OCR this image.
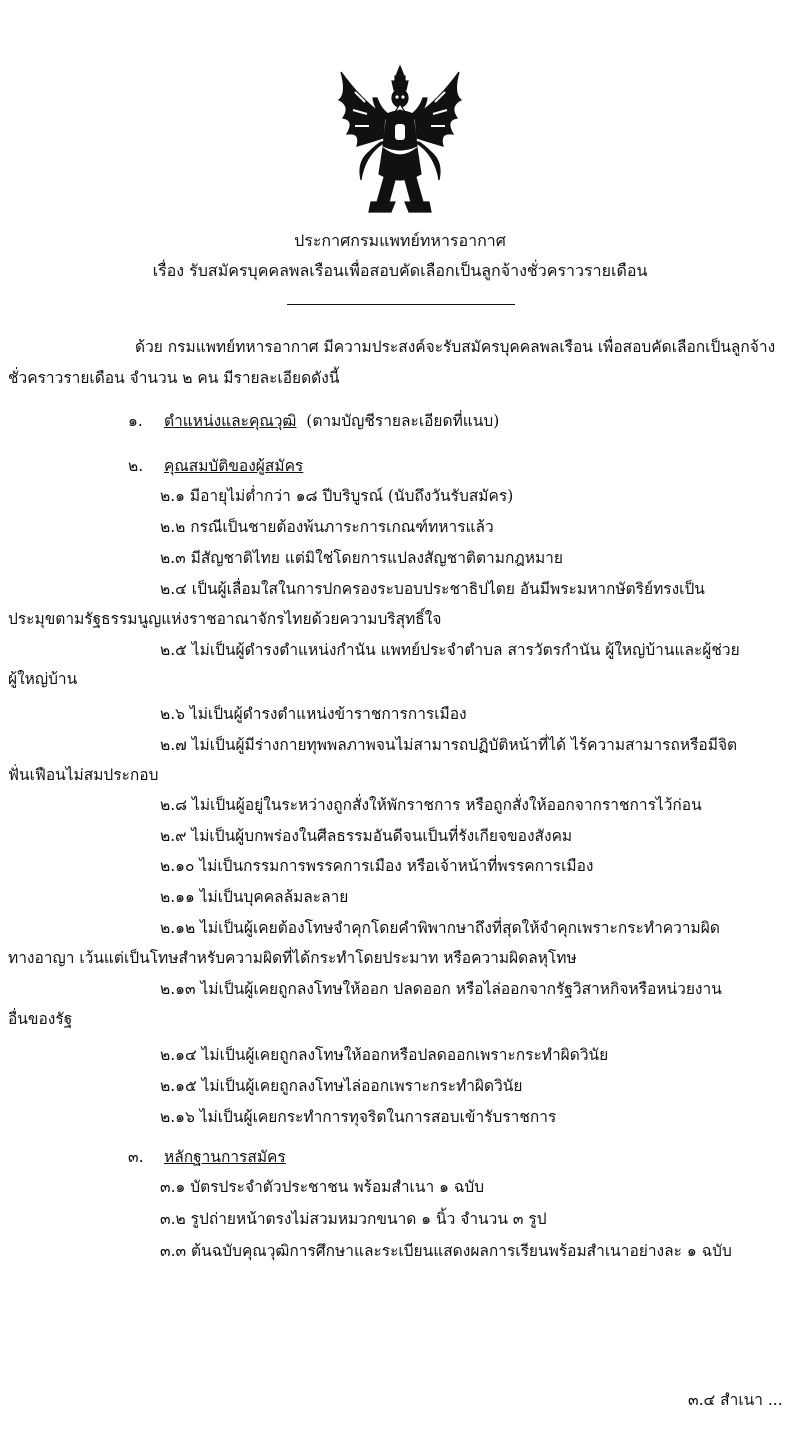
ประกาศกรมแพทย์ทหารอากาศ
เรื่อง รับสมัครบุคคลพลเรือนเพื่อสอบคัดเลือกเป็นลูกจ้างชั่วคราวรายเดือน
ด้วย กรมแพทย์ทหารอากาศ มีความประสงค์จะรับสมัครบุคคลพลเรือน เพื่อสอบคัดเลือกเป็นลูกจ้าง
ชั่วคราวรายเดือน จำนวน ๒ คน มีรายละเอียดดังนี้
๑. ตำแหน่งและคุณวุฒิ (ตามบัญชีรายละเอียดที่แนบ)
๒. คุณสมบัติของผู้สมัคร
๒.๑ มีอายุไม่ต่ำกว่า ๑๘ ปีบริบูรณ์ (นับถึงวันรับสมัคร)
๒.๒ กรณีเป็นชายต้องพ้นภาระการเกณฑ์ทหารแล้ว
๒.๓ มีสัญชาติไทย แต่มิใช่โดยการแปลงสัญชาติตามกฎหมาย
๒.๔ เป็นผู้เลื่อมใสในการปกครองระบอบประชาธิปไตย อันมีพระมหากษัตริย์ทรงเป็น
ประมุขตามรัฐธรรมนูญแห่งราชอาณาจักรไทยด้วยความบริสุทธิ์ใจ
๒.๕ ไม่เป็นผู้ดำรงตำแหน่งกำนัน แพทย์ประจำตำบล สารวัตรกำนัน ผู้ใหญ่บ้านและผู้ช่วย
ผู้ใหญ่บ้าน
๒.๖ ไม่เป็นผู้ดำรงตำแหน่งข้าราชการการเมือง
๒.๗ ไม่เป็นผู้มีร่างกายทุพพลภาพจนไม่สามารถปฏิบัติหน้าที่ได้ ไร้ความสามารถหรือมีจิต
ฟั่นเฟือนไม่สมประกอบ
๒.๘ ไม่เป็นผู้อยู่ในระหว่างถูกสั่งให้พักราชการ หรือถูกสั่งให้ออกจากราชการไว้ก่อน
๒.๙ ไม่เป็นผู้บกพร่องในศีลธรรมอันดีจนเป็นที่รังเกียจของสังคม
๒.๑๐ ไม่เป็นกรรมการพรรคการเมือง หรือเจ้าหน้าที่พรรคการเมือง
๒.๑๑ ไม่เป็นบุคคลล้มละลาย
๒.๑๒ ไม่เป็นผู้เคยต้องโทษจำคุกโดยคำพิพากษาถึงที่สุดให้จำคุกเพราะกระทำความผิด
ทางอาญา เว้นแต่เป็นโทษสำหรับความผิดที่ได้กระทำโดยประมาท หรือความผิดลหุโทษ
๒.๑๓ ไม่เป็นผู้เคยถูกลงโทษให้ออก ปลดออก หรือไล่ออกจากรัฐวิสาหกิจหรือหน่วยงาน
อื่นของรัฐ
๒.๑๔ ไม่เป็นผู้เคยถูกลงโทษให้ออกหรือปลดออกเพราะกระทำผิดวินัย
๒.๑๕ ไม่เป็นผู้เคยถูกลงโทษไล่ออกเพราะกระทำผิดวินัย
๒.๑๖ ไม่เป็นผู้เคยกระทำการทุจริตในการสอบเข้ารับราชการ
๓. หลักฐานการสมัคร
๓.๑ บัตรประจำตัวประชาชน พร้อมสำเนา ๑ ฉบับ
๓.๒ รูปถ่ายหน้าตรงไม่สวมหมวกขนาด ๑ นิ้ว จำนวน ๓ รูป
๓.๓ ต้นฉบับคุณวุฒิการศึกษาและระเบียนแสดงผลการเรียนพร้อมสำเนาอย่างละ ๑ ฉบับ
๓.๔ สำเนา ...
